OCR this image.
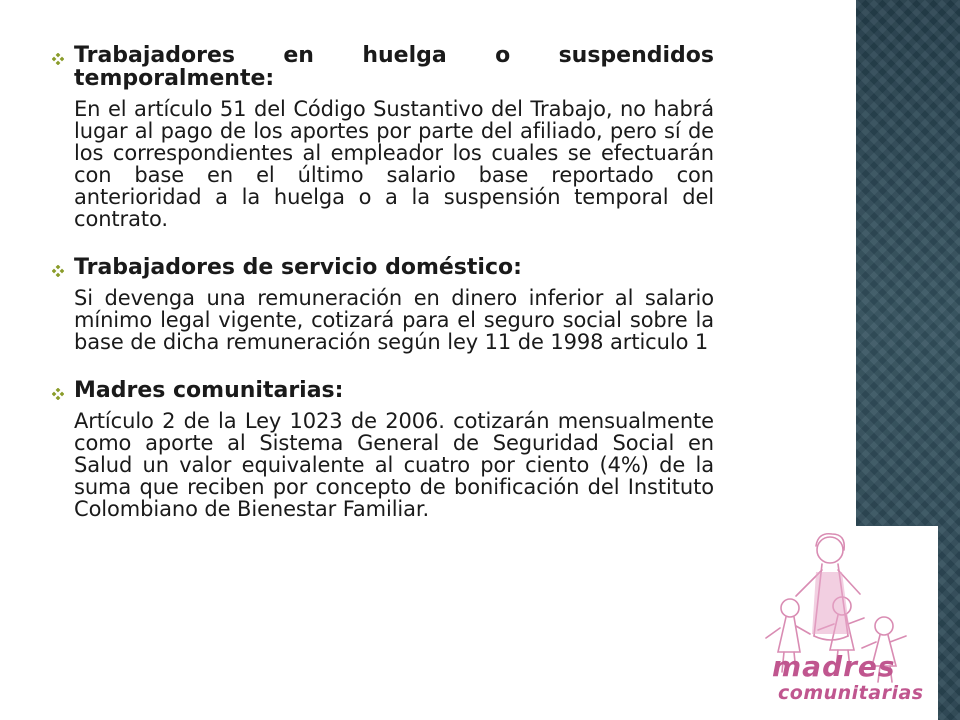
Trabajadores en huelga o suspendidos temporalmente:

En el artículo 51 del Código Sustantivo del Trabajo, no habrá lugar al pago de los aportes por parte del afiliado, pero sí de los correspondientes al empleador los cuales se efectuarán con base en el último salario base reportado con anterioridad a la huelga o a la suspensión temporal del contrato.

Trabajadores de servicio doméstico:

Si devenga una remuneración en dinero inferior al salario mínimo legal vigente, cotizará para el seguro social sobre la base de dicha remuneración según ley 11 de 1998 articulo 1

Madres comunitarias:

Artículo 2 de la Ley 1023 de 2006. cotizarán mensualmente como aporte al Sistema General de Seguridad Social en Salud un valor equivalente al cuatro por ciento (4%) de la suma que reciben por concepto de bonificación del Instituto Colombiano de Bienestar Familiar.

madres
comunitarias
